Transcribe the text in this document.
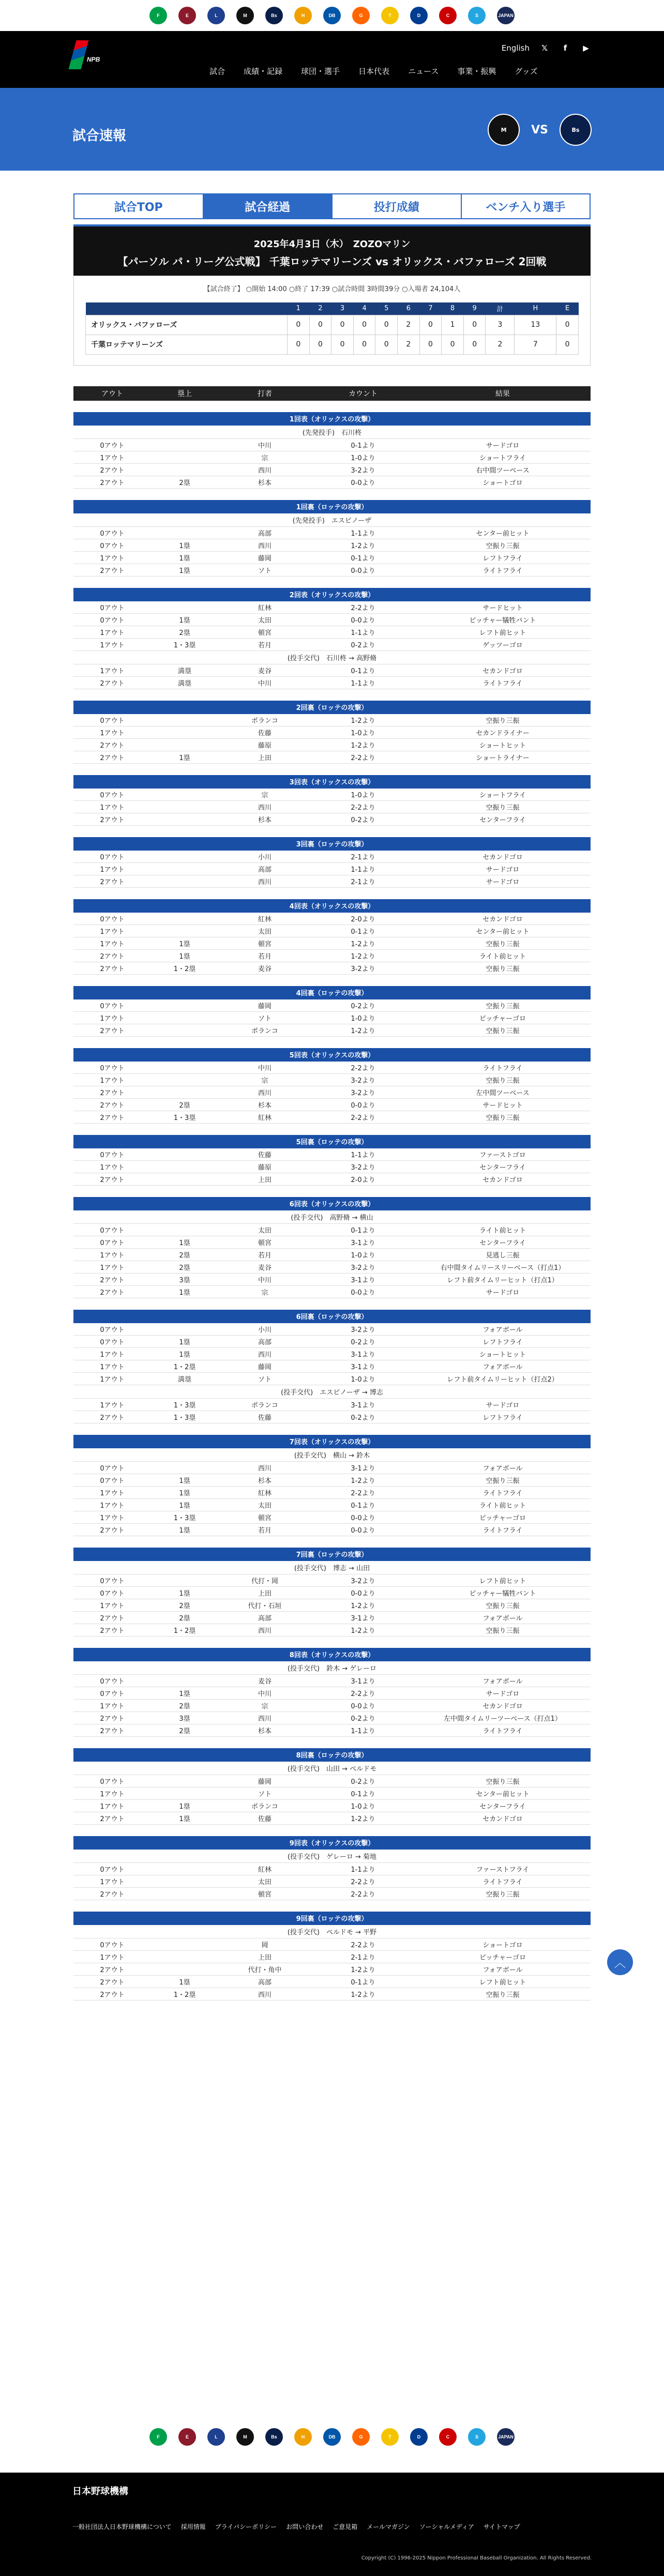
F	E	L	M	Bs	H	DB	G	T	D	C	S	JAPAN
NPB
English	𝕏	f	▶
試合 成績・記録 球団・選手 日本代表 ニュース 事業・振興 グッズ
試合速報	M	VS	Bs
試合TOP	試合経過	投打成績	ベンチ入り選手
2025年4月3日（木）　ZOZOマリン
【パーソル パ・リーグ公式戦】 千葉ロッテマリーンズ vs オリックス・バファローズ 2回戦
【試合終了】 ○開始 14:00 ○終了 17:39 ○試合時間 3時間39分 ○入場者 24,104人
	1	2	3	4	5	6	7	8	9	計	H	E
オリックス・バファローズ	0	0	0	0	0	2	0	1	0	3	13	0
千葉ロッテマリーンズ	0	0	0	0	0	2	0	0	0	2	7	0
アウト	塁上	打者	カウント	結果

1回表（オリックスの攻撃）				
(先発投手)　石川柊				
0アウト		中川	0-1より	サードゴロ
1アウト		宗	1-0より	ショートフライ
2アウト		西川	3-2より	右中間ツーベース
2アウト	2塁	杉本	0-0より	ショートゴロ

1回裏（ロッテの攻撃）				
(先発投手)　エスピノーザ				
0アウト		高部	1-1より	センター前ヒット
0アウト	1塁	西川	1-2より	空振り三振
1アウト	1塁	藤岡	0-1より	レフトフライ
2アウト	1塁	ソト	0-0より	ライトフライ

2回表（オリックスの攻撃）				
0アウト		紅林	2-2より	サードヒット
0アウト	1塁	太田	0-0より	ピッチャー犠牲バント
1アウト	2塁	頓宮	1-1より	レフト前ヒット
1アウト	1・3塁	若月	0-2より	ゲッツーゴロ
(投手交代)　石川柊 → 高野脩				
1アウト	満塁	麦谷	0-1より	セカンドゴロ
2アウト	満塁	中川	1-1より	ライトフライ

2回裏（ロッテの攻撃）				
0アウト		ポランコ	1-2より	空振り三振
1アウト		佐藤	1-0より	セカンドライナー
2アウト		藤原	1-2より	ショートヒット
2アウト	1塁	上田	2-2より	ショートライナー

3回表（オリックスの攻撃）				
0アウト		宗	1-0より	ショートフライ
1アウト		西川	2-2より	空振り三振
2アウト		杉本	0-2より	センターフライ

3回裏（ロッテの攻撃）				
0アウト		小川	2-1より	セカンドゴロ
1アウト		高部	1-1より	サードゴロ
2アウト		西川	2-1より	サードゴロ

4回表（オリックスの攻撃）				
0アウト		紅林	2-0より	セカンドゴロ
1アウト		太田	0-1より	センター前ヒット
1アウト	1塁	頓宮	1-2より	空振り三振
2アウト	1塁	若月	1-2より	ライト前ヒット
2アウト	1・2塁	麦谷	3-2より	空振り三振

4回裏（ロッテの攻撃）				
0アウト		藤岡	0-2より	空振り三振
1アウト		ソト	1-0より	ピッチャーゴロ
2アウト		ポランコ	1-2より	空振り三振

5回表（オリックスの攻撃）				
0アウト		中川	2-2より	ライトフライ
1アウト		宗	3-2より	空振り三振
2アウト		西川	3-2より	左中間ツーベース
2アウト	2塁	杉本	0-0より	サードヒット
2アウト	1・3塁	紅林	2-2より	空振り三振

5回裏（ロッテの攻撃）				
0アウト		佐藤	1-1より	ファーストゴロ
1アウト		藤原	3-2より	センターフライ
2アウト		上田	2-0より	セカンドゴロ

6回表（オリックスの攻撃）				
(投手交代)　高野脩 → 横山				
0アウト		太田	0-1より	ライト前ヒット
0アウト	1塁	頓宮	3-1より	センターフライ
1アウト	2塁	若月	1-0より	見逃し三振
1アウト	2塁	麦谷	3-2より	右中間タイムリースリーベース（打点1）
2アウト	3塁	中川	3-1より	レフト前タイムリーヒット（打点1）
2アウト	1塁	宗	0-0より	サードゴロ

6回裏（ロッテの攻撃）				
0アウト		小川	3-2より	フォアボール
0アウト	1塁	高部	0-2より	レフトフライ
1アウト	1塁	西川	3-1より	ショートヒット
1アウト	1・2塁	藤岡	3-1より	フォアボール
1アウト	満塁	ソト	1-0より	レフト前タイムリーヒット（打点2）
(投手交代)　エスピノーザ → 博志				
1アウト	1・3塁	ポランコ	3-1より	サードゴロ
2アウト	1・3塁	佐藤	0-2より	レフトフライ

7回表（オリックスの攻撃）				
(投手交代)　横山 → 鈴木				
0アウト		西川	3-1より	フォアボール
0アウト	1塁	杉本	1-2より	空振り三振
1アウト	1塁	紅林	2-2より	ライトフライ
1アウト	1塁	太田	0-1より	ライト前ヒット
1アウト	1・3塁	頓宮	0-0より	ピッチャーゴロ
2アウト	1塁	若月	0-0より	ライトフライ

7回裏（ロッテの攻撃）				
(投手交代)　博志 → 山田				
0アウト		代打・岡	3-2より	レフト前ヒット
0アウト	1塁	上田	0-0より	ピッチャー犠牲バント
1アウト	2塁	代打・石垣	1-2より	空振り三振
2アウト	2塁	高部	3-1より	フォアボール
2アウト	1・2塁	西川	1-2より	空振り三振

8回表（オリックスの攻撃）				
(投手交代)　鈴木 → ゲレーロ				
0アウト		麦谷	3-1より	フォアボール
0アウト	1塁	中川	2-2より	サードゴロ
1アウト	2塁	宗	0-0より	セカンドゴロ
2アウト	3塁	西川	0-2より	左中間タイムリーツーベース（打点1）
2アウト	2塁	杉本	1-1より	ライトフライ

8回裏（ロッテの攻撃）				
(投手交代)　山田 → ペルドモ				
0アウト		藤岡	0-2より	空振り三振
1アウト		ソト	0-1より	センター前ヒット
1アウト	1塁	ポランコ	1-0より	センターフライ
2アウト	1塁	佐藤	1-2より	セカンドゴロ

9回表（オリックスの攻撃）				
(投手交代)　ゲレーロ → 菊地				
0アウト		紅林	1-1より	ファーストフライ
1アウト		太田	2-2より	ライトフライ
2アウト		頓宮	2-2より	空振り三振

9回裏（ロッテの攻撃）				
(投手交代)　ペルドモ → 平野				
0アウト		岡	2-2より	ショートゴロ
1アウト		上田	2-1より	ピッチャーゴロ
2アウト		代打・角中	1-2より	フォアボール
2アウト	1塁	高部	0-1より	レフト前ヒット
2アウト	1・2塁	西川	1-2より	空振り三振
︿
F	E	L	M	Bs	H	DB	G	T	D	C	S	JAPAN
日本野球機構
一般社団法人日本野球機構について 採用情報 プライバシーポリシー お問い合わせ ご意見箱 メールマガジン ソーシャルメディア サイトマップ
Copyright (C) 1996-2025 Nippon Professional Baseball Organization. All Rights Reserved.
